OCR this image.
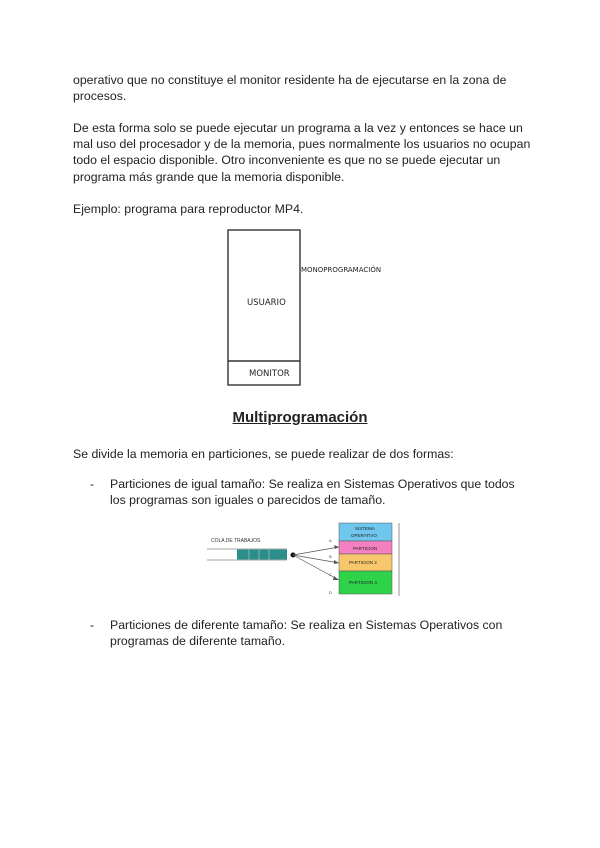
operativo que no constituye el monitor residente ha de ejecutarse en la zona de procesos.
De esta forma solo se puede ejecutar un programa a la vez y entonces se hace un mal uso del procesador y de la memoria, pues normalmente los usuarios no ocupan todo el espacio disponible. Otro inconveniente es que no se puede ejecutar un programa más grande que la memoria disponible.
Ejemplo: programa para reproductor MP4.
USUARIO
MONITOR
MONOPROGRAMACIÓN
Multiprogramación
Se divide la memoria en particiones, se puede realizar de dos formas:
- Particiones de igual tamaño: Se realiza en Sistemas Operativos que todos los programas son iguales o parecidos de tamaño.
COLA DE TRABAJOS	A
B
C
D
SISTEMA
OPERATIVO
PARTICION
PARTICION 2
PARTICION 3
- Particiones de diferente tamaño: Se realiza en Sistemas Operativos con programas de diferente tamaño.
